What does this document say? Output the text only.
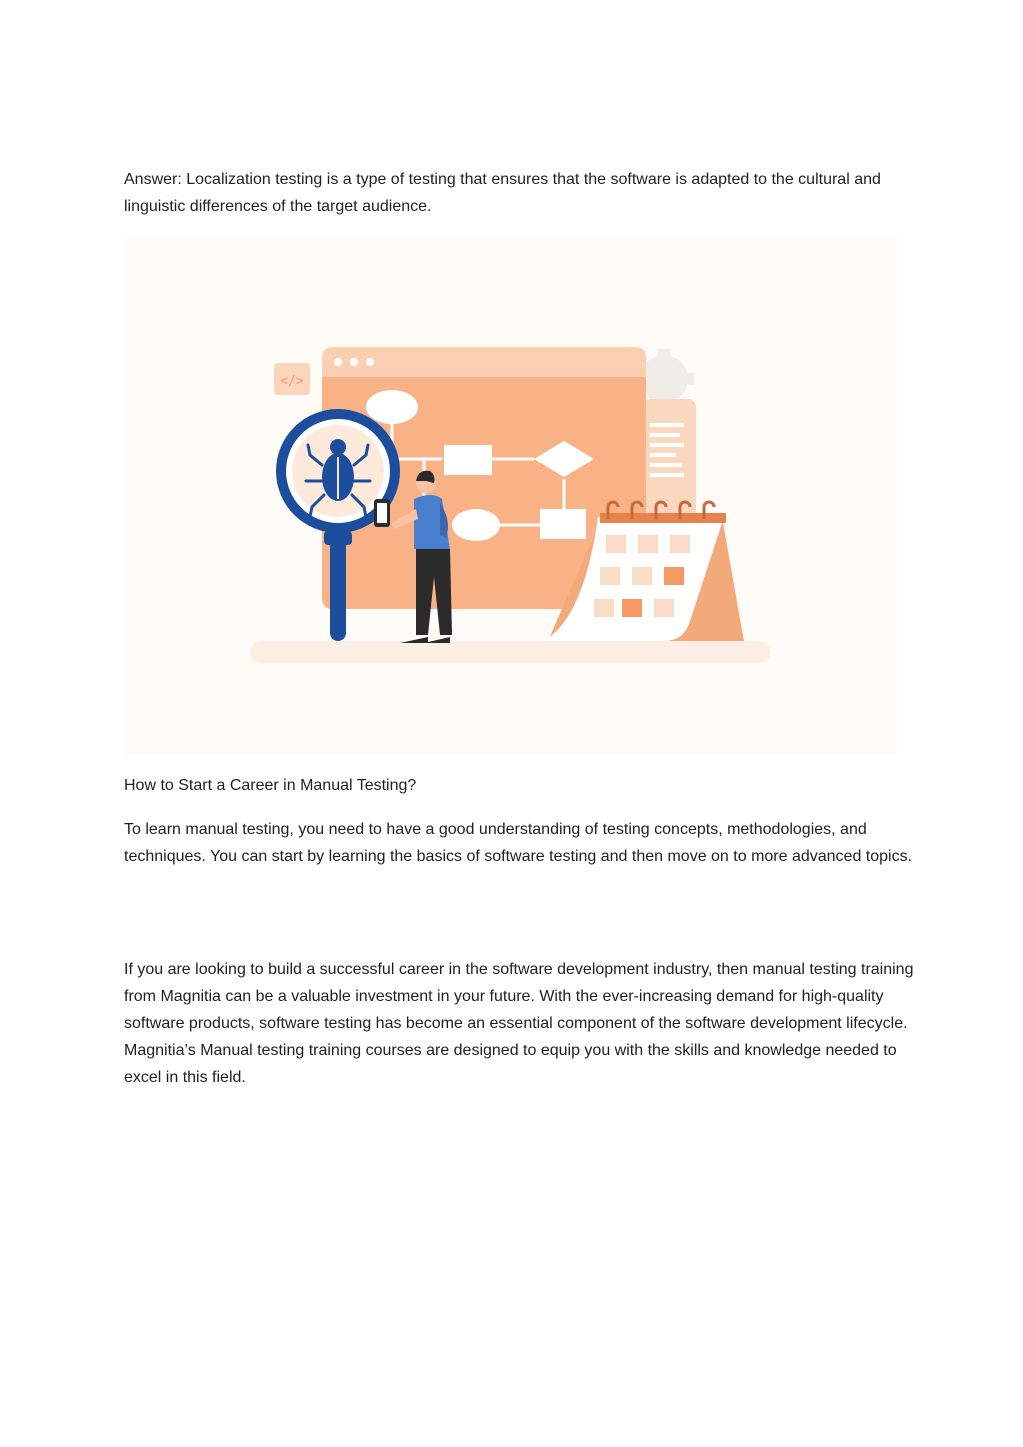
Answer: Localization testing is a type of testing that ensures that the software is adapted to the cultural and linguistic differences of the target audience.

</>

How to Start a Career in Manual Testing?

To learn manual testing, you need to have a good understanding of testing concepts, methodologies, and techniques. You can start by learning the basics of software testing and then move on to more advanced topics.

If you are looking to build a successful career in the software development industry, then manual testing training from Magnitia can be a valuable investment in your future. With the ever-increasing demand for high-quality software products, software testing has become an essential component of the software development lifecycle. Magnitia’s Manual testing training courses are designed to equip you with the skills and knowledge needed to excel in this field.
